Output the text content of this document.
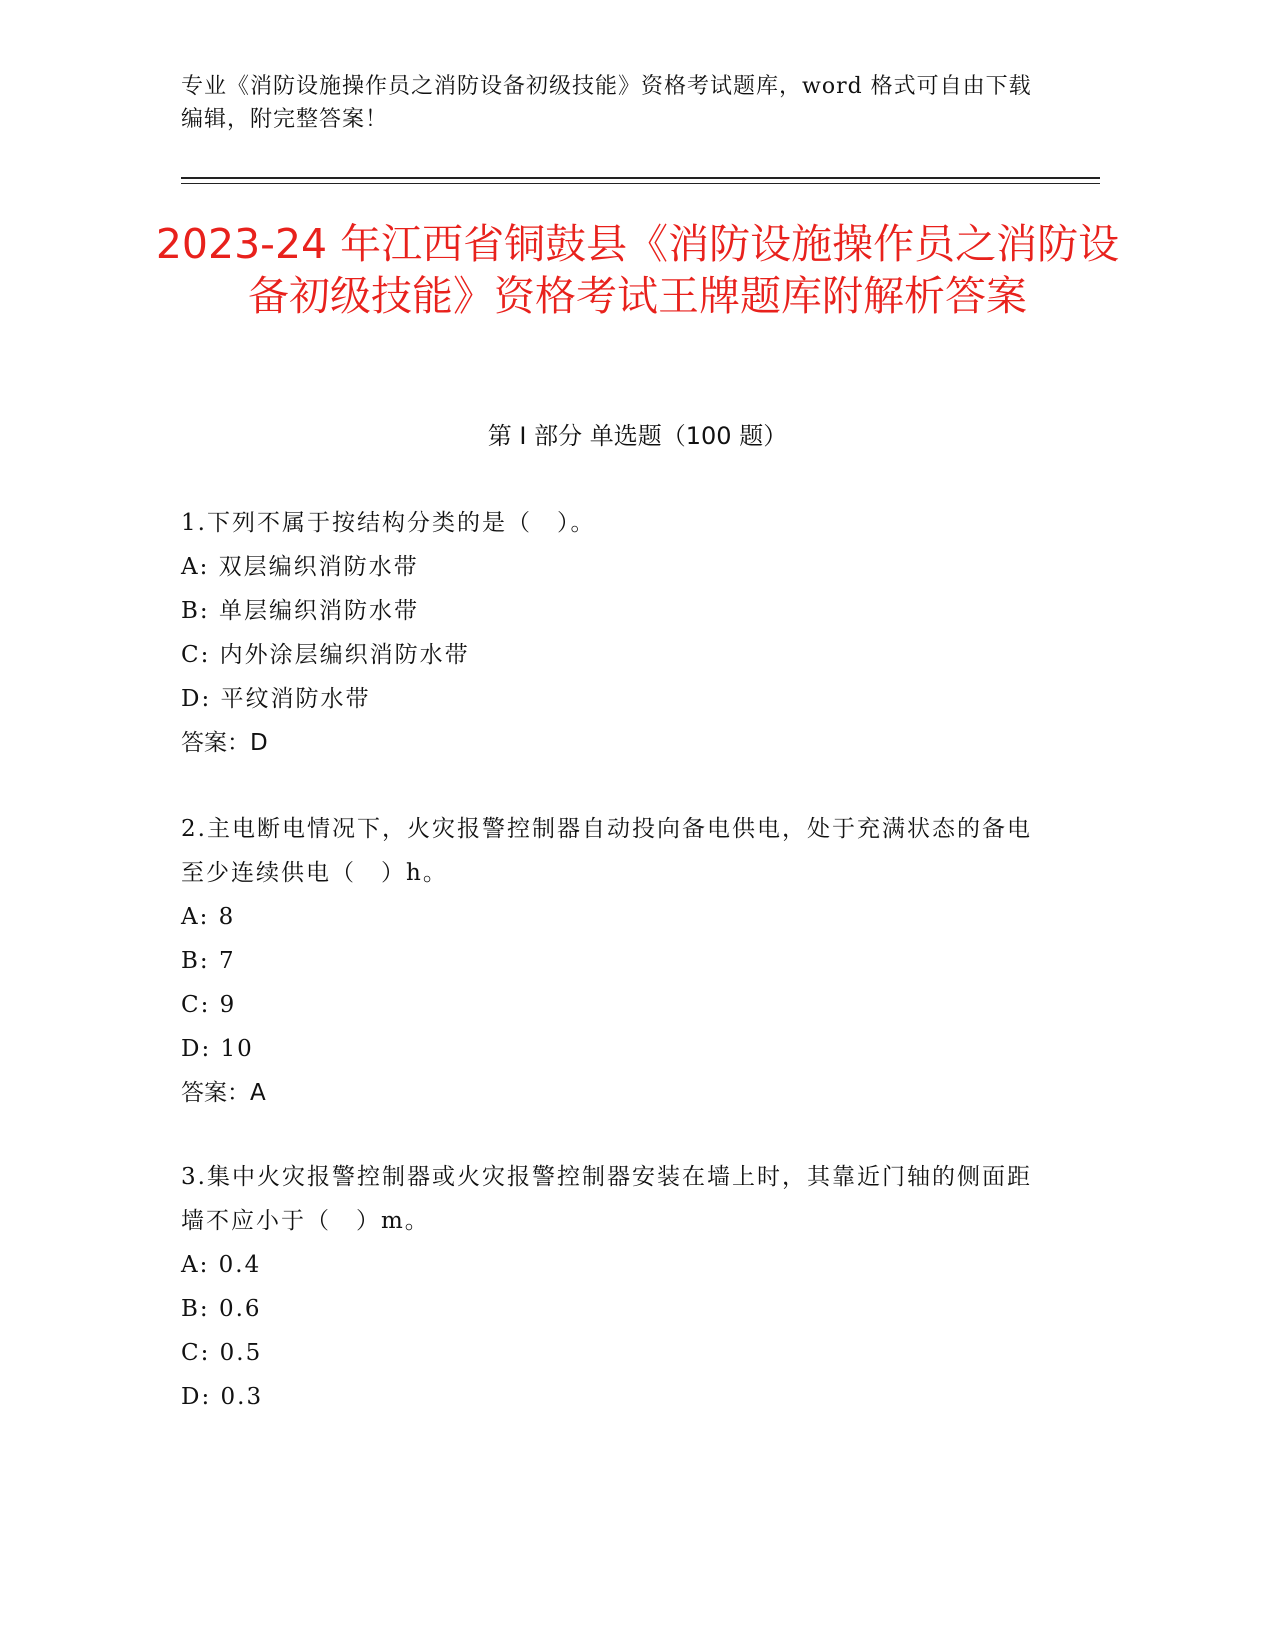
专业《消防设施操作员之消防设备初级技能》资格考试题库，word 格式可自由下载编辑，附完整答案！
2023-24 年江西省铜鼓县《消防设施操作员之消防设备初级技能》资格考试王牌题库附解析答案
第 I 部分 单选题（100 题）

1.下列不属于按结构分类的是（　）。

A: 双层编织消防水带

B: 单层编织消防水带

C: 内外涂层编织消防水带

D: 平纹消防水带

答案：D

2.主电断电情况下，火灾报警控制器自动投向备电供电，处于充满状态的备电至少连续供电（　）h。

A: 8

B: 7

C: 9

D: 10

答案：A

3.集中火灾报警控制器或火灾报警控制器安装在墙上时，其靠近门轴的侧面距墙不应小于（　）m。

A: 0.4

B: 0.6

C: 0.5

D: 0.3
